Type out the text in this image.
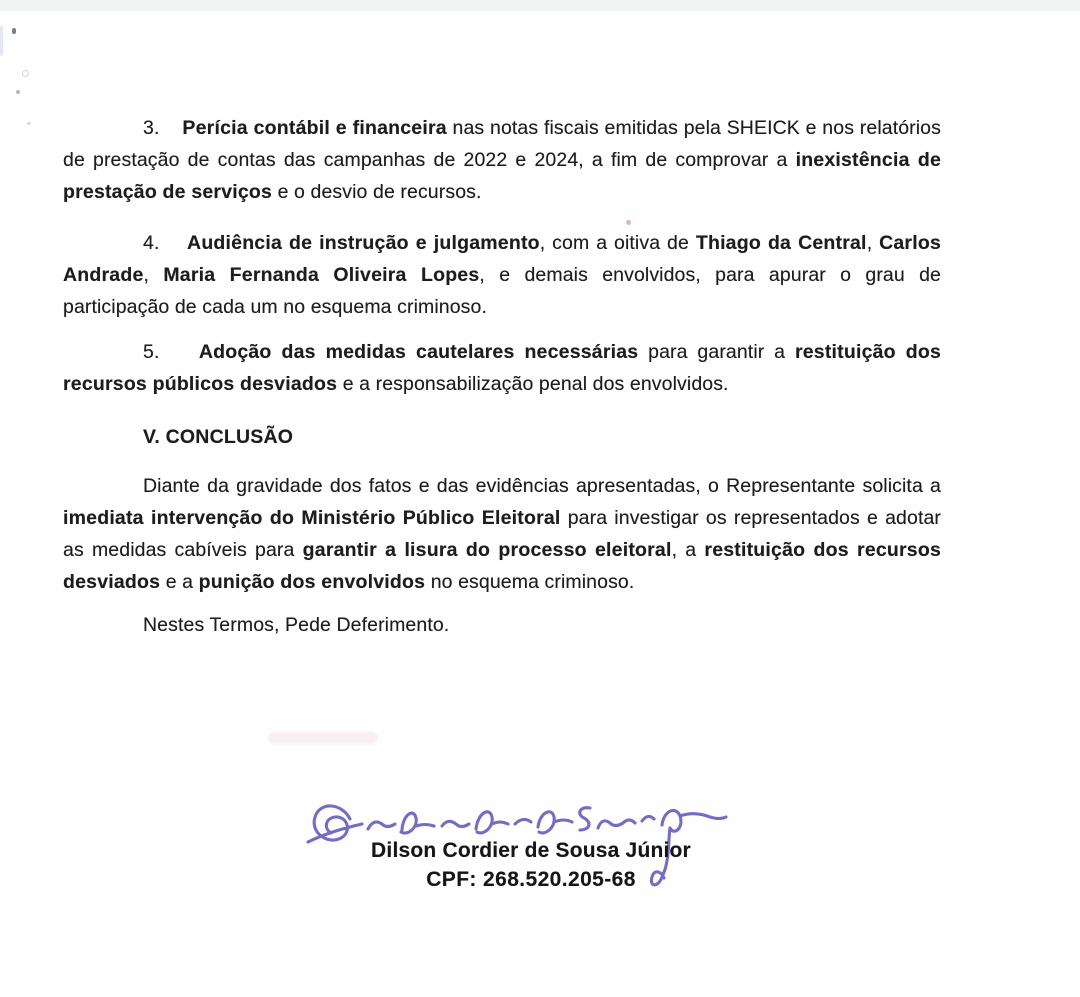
3.    Perícia contábil e financeira nas notas fiscais emitidas pela SHEICK e nos relatórios de prestação de contas das campanhas de 2022 e 2024, a fim de comprovar a inexistência de prestação de serviços e o desvio de recursos.

4.    Audiência de instrução e julgamento, com a oitiva de Thiago da Central, Carlos Andrade, Maria Fernanda Oliveira Lopes, e demais envolvidos, para apurar o grau de participação de cada um no esquema criminoso.

5.    Adoção das medidas cautelares necessárias para garantir a restituição dos recursos públicos desviados e a responsabilização penal dos envolvidos.

V. CONCLUSÃO

Diante da gravidade dos fatos e das evidências apresentadas, o Representante solicita a imediata intervenção do Ministério Público Eleitoral para investigar os representados e adotar as medidas cabíveis para garantir a lisura do processo eleitoral, a restituição dos recursos desviados e a punição dos envolvidos no esquema criminoso.

Nestes Termos, Pede Deferimento.

Dilson Cordier de Sousa Júnior
CPF: 268.520.205-68
